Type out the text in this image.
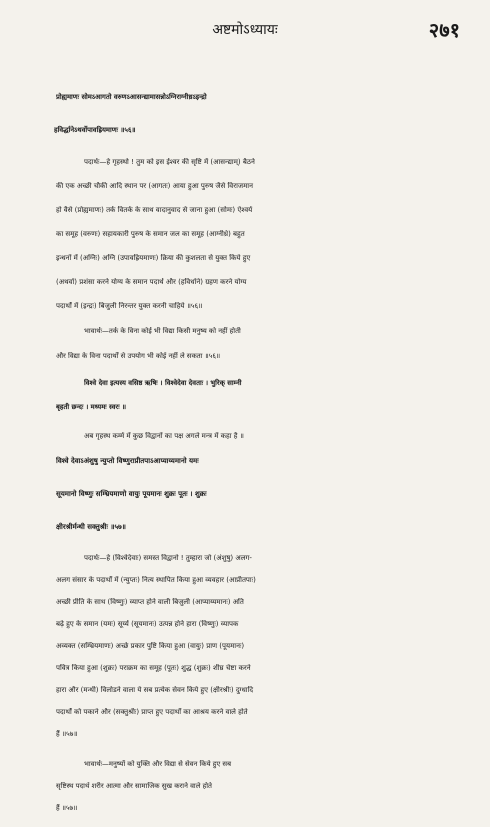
अष्टमोऽध्यायः	२७१
प्रोह्यमाणः सोमऽआगतो वरुणऽआसन्द्यामासन्नोऽग्निराग्नीध्रऽइन्द्रो
हविर्द्धानेऽथर्वोपावह्रियमाणः ॥५६॥
पदार्थः—हे गृहस्थो ! तुम को इस ईश्वर की सृष्टि में (आसन्द्याम्) बैठने
की एक अच्छी चौकी आदि स्थान पर (आगतः) आया हुआ पुरुष जैसे विराजमान
हो वैसे (प्रोह्यमाणः) तर्क वितर्क के साथ वादानुवाद से जाना हुआ (सोमः) ऐश्वर्य
का समूह (वरुणः) सहायकारी पुरुष के समान जल का समूह (आग्नीध्रे) बहुत
इन्धनों में (अग्निः) अग्नि (उपावह्रियमाणः) क्रिया की कुशलता से युक्त किये हुए
(अथर्वा) प्रशंसा करने योग्य के समान पदार्थ और (हविर्धाने) ग्रहण करने योग्य
पदार्थों में (इन्द्रः) बिजुली निरन्तर युक्त करनी चाहिये ॥५६॥
भावार्थः—तर्क के विना कोई भी विद्या किसी मनुष्य को नहीं होती
और विद्या के विना पदार्थों से उपयोग भी कोई नहीं ले सकता ॥५६॥
विश्वे देवा इत्यस्य वसिष्ठ ऋषिः । विश्वेदेवा देवताः । भुरिक् साम्नी
बृहती छन्दः । मध्यमः स्वरः ॥
अब गृहस्थ कर्म्म में कुछ विद्वानों का पक्ष अगले मन्त्र में कहा है ॥
विश्वे देवाऽअंशुषु न्युप्तो विष्णुराप्रीतपाऽआप्याय्यमानो यमः
सूयमानो विष्णुः सम्भ्रियमाणो वायुः पूयमानः शुक्रः पूतः । शुक्रः
क्षीरश्रीर्मन्थी सक्तुश्रीः ॥५७॥
पदार्थः—हे (विश्वेदेवाः) समस्त विद्वानो ! तुम्हारा जो (अंशुषु) अलग-
अलग संसार के पदार्थों में (न्युप्तः) नित्य स्थापित किया हुआ व्यवहार (आप्रीतपाः)
अच्छी प्रीति के साथ (विष्णुः) व्याप्त होने वाली बिजुली (आप्याय्यमानः) अति
बढ़े हुए के समान (यमः) सूर्य्य (सूयमानः) उत्पन्न होने हारा (विष्णुः) व्यापक
अव्यक्त (सम्भ्रियमाणः) अच्छे प्रकार पुष्टि किया हुआ (वायुः) प्राण (पूयमानः)
पवित्र किया हुआ (शुक्रः) पराक्रम का समूह (पूतः) शुद्ध (शुक्रः) शीघ्र चेष्टा करने
हारा और (मन्थी) विलोडने वाला ये सब प्रत्येक सेवन किये हुए (क्षीरश्रीः) दुग्धादि
पदार्थों को पकाने और (सक्तुश्रीः) प्राप्त हुए पदार्थों का आश्रय करने वाले होते
हैं ॥५७॥
भावार्थः—मनुष्यों को युक्ति और विद्या से सेवन किये हुए सब
सृष्टिस्थ पदार्थ शरीर आत्मा और सामाजिक सुख कराने वाले होते
हैं ॥५७॥
